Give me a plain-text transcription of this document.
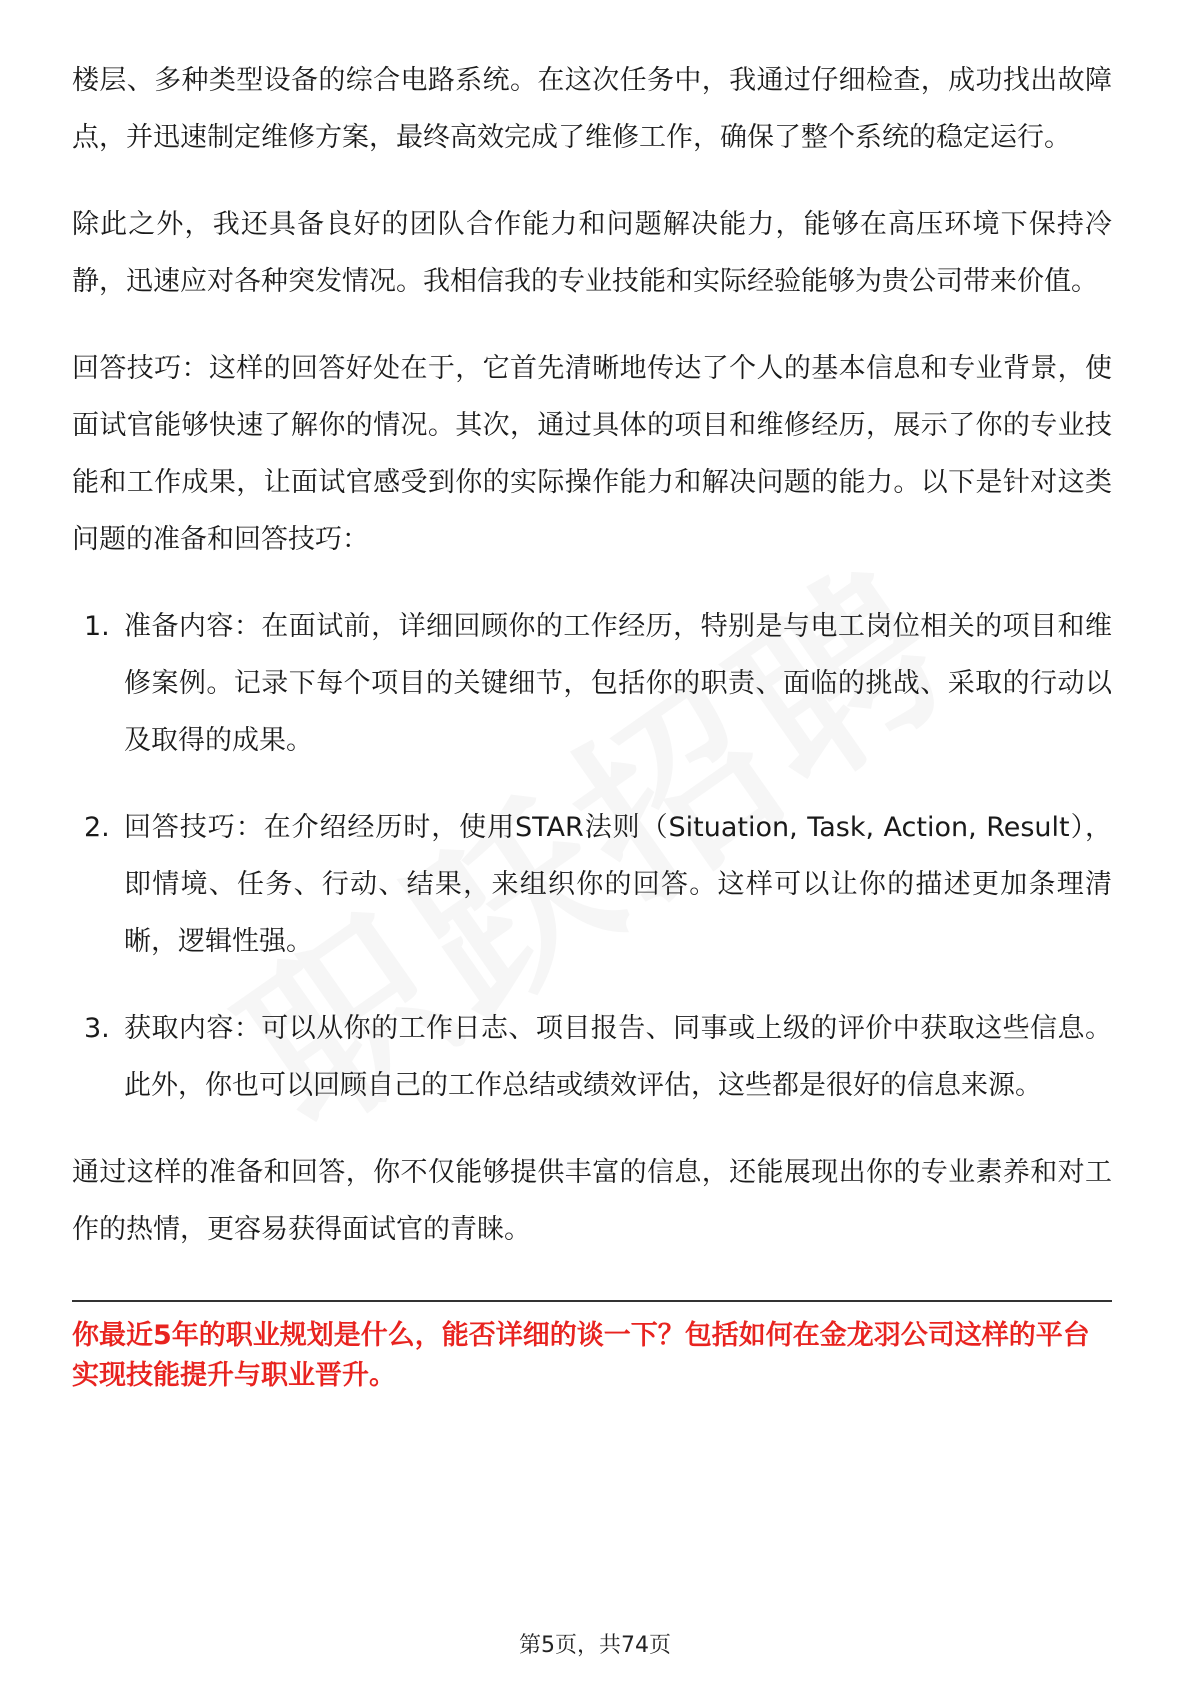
楼层、多种类型设备的综合电路系统。在这次任务中，我通过仔细检查，成功找出故障点，并迅速制定维修方案，最终高效完成了维修工作，确保了整个系统的稳定运行。

除此之外，我还具备良好的团队合作能力和问题解决能力，能够在高压环境下保持冷静，迅速应对各种突发情况。我相信我的专业技能和实际经验能够为贵公司带来价值。

回答技巧：这样的回答好处在于，它首先清晰地传达了个人的基本信息和专业背景，使面试官能够快速了解你的情况。其次，通过具体的项目和维修经历，展示了你的专业技能和工作成果，让面试官感受到你的实际操作能力和解决问题的能力。以下是针对这类问题的准备和回答技巧：

1. 准备内容：在面试前，详细回顾你的工作经历，特别是与电工岗位相关的项目和维修案例。记录下每个项目的关键细节，包括你的职责、面临的挑战、采取的行动以及取得的成果。
2. 回答技巧：在介绍经历时，使用STAR法则（Situation, Task, Action, Result），即情境、任务、行动、结果，来组织你的回答。这样可以让你的描述更加条理清晰，逻辑性强。
3. 获取内容：可以从你的工作日志、项目报告、同事或上级的评价中获取这些信息。此外，你也可以回顾自己的工作总结或绩效评估，这些都是很好的信息来源。

通过这样的准备和回答，你不仅能够提供丰富的信息，还能展现出你的专业素养和对工作的热情，更容易获得面试官的青睐。

你最近5年的职业规划是什么，能否详细的谈一下？包括如何在金龙羽公司这样的平台实现技能提升与职业晋升。

第5页，共74页
